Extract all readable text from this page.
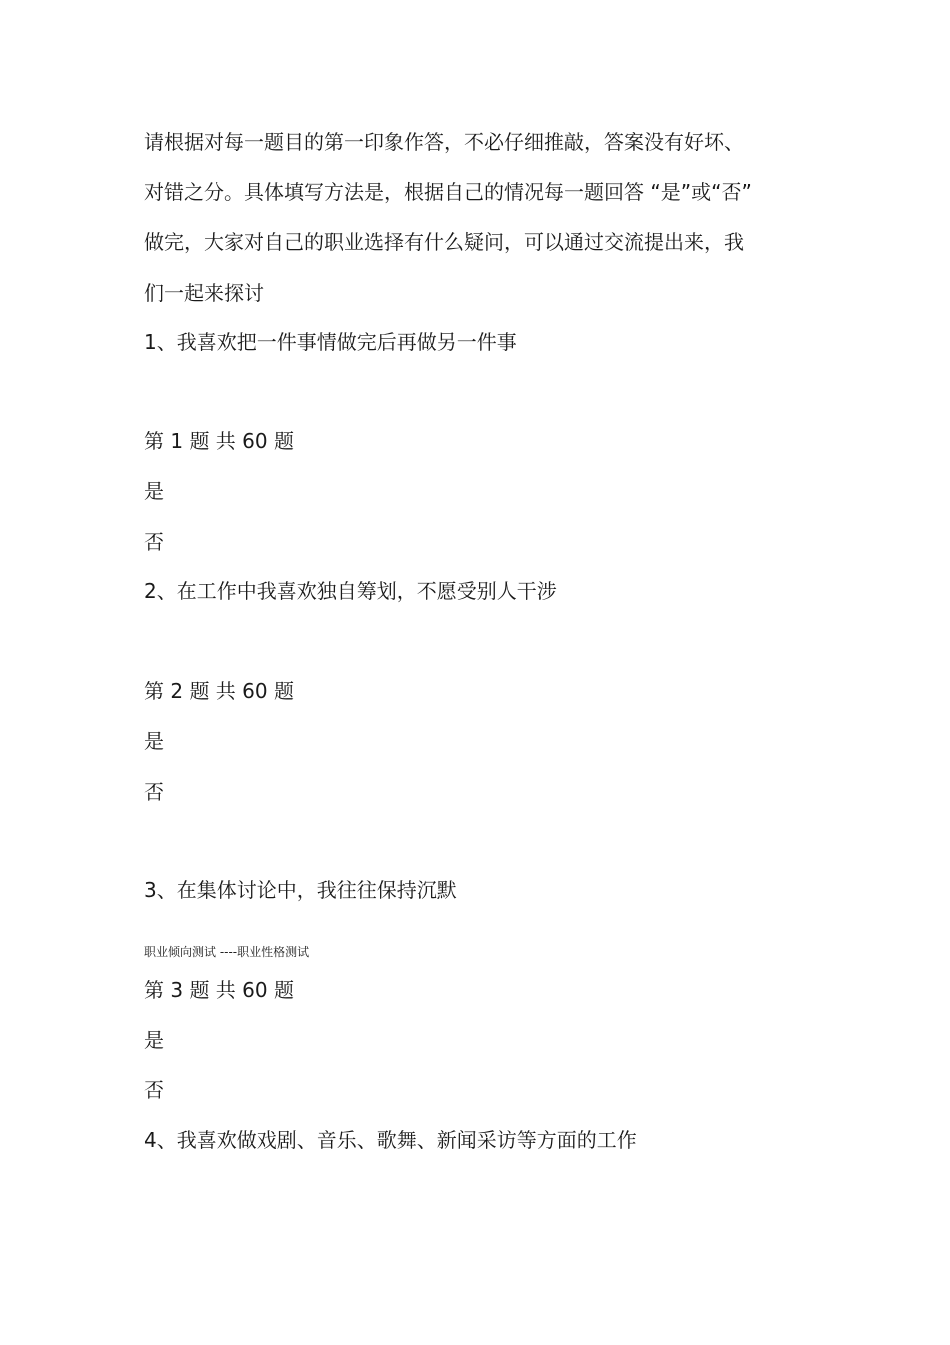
请根据对每一题目的第一印象作答，不必仔细推敲，答案没有好坏、
对错之分。具体填写方法是，根据自己的情况每一题回答 “是”或“否”
做完，大家对自己的职业选择有什么疑问，可以通过交流提出来，我
们一起来探讨
1、我喜欢把一件事情做完后再做另一件事
第 1 题 共 60 题
是
否
2、在工作中我喜欢独自筹划，不愿受别人干涉
第 2 题 共 60 题
是
否
3、在集体讨论中，我往往保持沉默
职业倾向测试 ----职业性格测试
第 3 题 共 60 题
是
否
4、我喜欢做戏剧、音乐、歌舞、新闻采访等方面的工作
